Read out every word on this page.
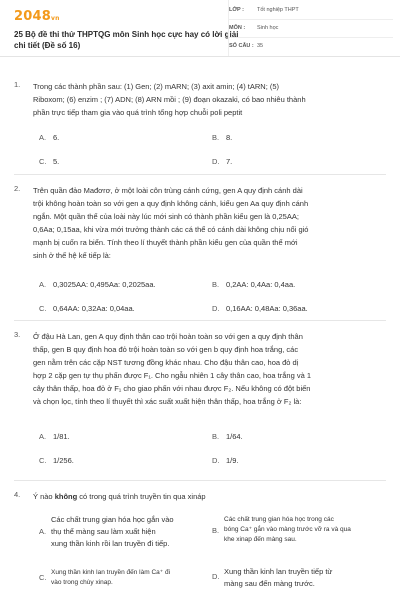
2048vn
25 Bộ đề thi thử THPTQG môn Sinh học cực hay có lời giải chi tiết (Đề số 16)
LỚP : Tốt nghiệp THPT
MÔN : Sinh học
SỐ CÂU : 35
1. Trong các thành phần sau: (1) Gen; (2) mARN; (3) axit amin; (4) tARN; (5)
Riboxom; (6) enzim ; (7) ADN; (8) ARN mồi ; (9) đoạn okazaki, có bao nhiêu thành
phần trực tiếp tham gia vào quá trình tổng hợp chuỗi poli peptit
A. 6.	B. 8.
C. 5.	D. 7.
2. Trên quần đảo Mađơrơ, ở một loài côn trùng cánh cứng, gen A quy định cánh dài
trội không hoàn toàn so với gen a quy định không cánh, kiểu gen Aa quy định cánh
ngắn. Một quần thể của loài này lúc mới sinh có thành phần kiểu gen là 0,25AA;
0,6Aa; 0,15aa, khi vừa mới trưởng thành các cá thể có cánh dài không chịu nổi gió
mạnh bị cuốn ra biển. Tính theo lí thuyết thành phần kiểu gen của quần thể mới
sinh ở thế hệ kế tiếp là:
A. 0,3025AA: 0,495Aa: 0,2025aa.	B. 0,2AA: 0,4Aa: 0,4aa.
C. 0,64AA: 0,32Aa: 0,04aa.	D. 0,16AA: 0,48Aa: 0,36aa.
3. Ở đậu Hà Lan, gen A quy định thân cao trội hoàn toàn so với gen a quy định thân
thấp, gen B quy định hoa đỏ trội hoàn toàn so với gen b quy định hoa trắng, các
gen nằm trên các cặp NST tương đồng khác nhau. Cho đậu thân cao, hoa đỏ dị
hợp 2 cặp gen tự thụ phấn được F₁. Cho ngẫu nhiên 1 cây thân cao, hoa trắng và 1
cây thân thấp, hoa đỏ ở F₁ cho giao phấn với nhau được F₂. Nếu không có đột biến
và chọn lọc, tính theo lí thuyết thì xác suất xuất hiện thân thấp, hoa trắng ở F₂ là:
A. 1/81.	B. 1/64.
C. 1/256.	D. 1/9.
4. Ý nào không có trong quá trình truyền tin qua xináp
A.
Các chất trung gian hóa học gắn vào
thụ thể màng sau làm xuất hiện
xung thần kinh rồi lan truyền đi tiếp.
B.
Các chất trung gian hóa học trong các
bóng Ca⁺ gắn vào màng trước vỡ ra và qua
khe xinap đến màng sau.
C.
Xung thần kinh lan truyền đến làm Ca⁺ đi
vào trong chùy xinap.
D.
Xung thần kinh lan truyền tiếp từ
màng sau đến màng trước.
